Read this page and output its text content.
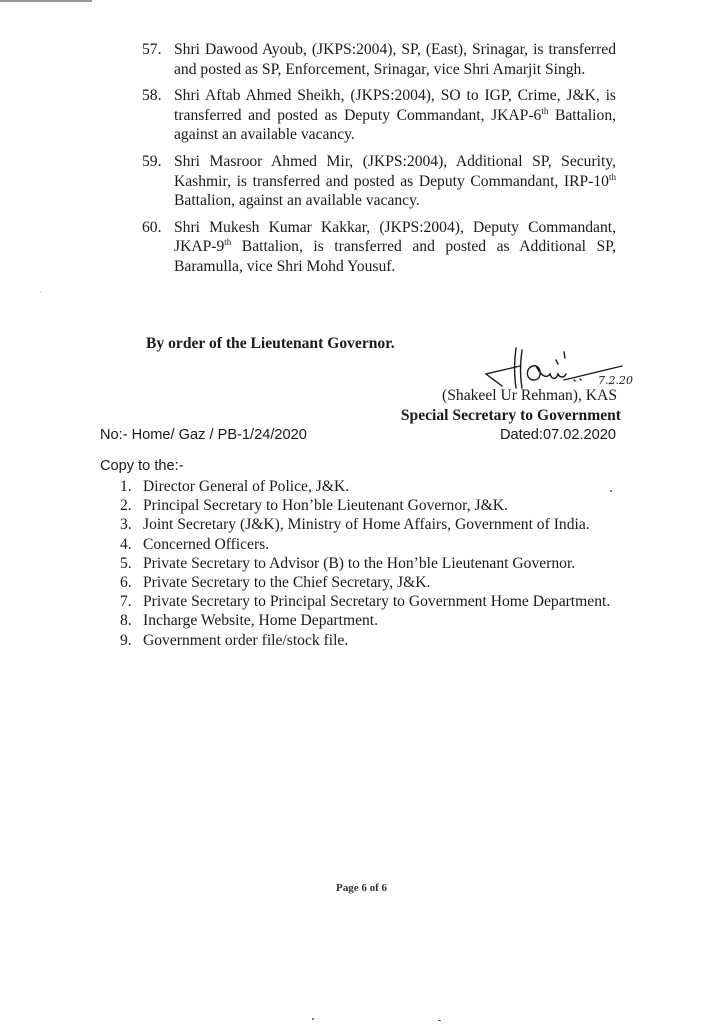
57. Shri Dawood Ayoub, (JKPS:2004), SP, (East), Srinagar, is transferred and posted as SP, Enforcement, Srinagar, vice Shri Amarjit Singh.
58. Shri Aftab Ahmed Sheikh, (JKPS:2004), SO to IGP, Crime, J&K, is transferred and posted as Deputy Commandant, JKAP-6th Battalion, against an available vacancy.
59. Shri Masroor Ahmed Mir, (JKPS:2004), Additional SP, Security, Kashmir, is transferred and posted as Deputy Commandant, IRP-10th Battalion, against an available vacancy.
60. Shri Mukesh Kumar Kakkar, (JKPS:2004), Deputy Commandant, JKAP-9th Battalion, is transferred and posted as Additional SP, Baramulla, vice Shri Mohd Yousuf.
By order of the Lieutenant Governor.
7.2.20
(Shakeel Ur Rehman), KAS
Special Secretary to Government
No:- Home/ Gaz / PB-1/24/2020	Dated:07.02.2020
Copy to the:-
1. Director General of Police, J&K.
2. Principal Secretary to Hon’ble Lieutenant Governor, J&K.
3. Joint Secretary (J&K), Ministry of Home Affairs, Government of India.
4. Concerned Officers.
5. Private Secretary to Advisor (B) to the Hon’ble Lieutenant Governor.
6. Private Secretary to the Chief Secretary, J&K.
7. Private Secretary to Principal Secretary to Government Home Department.
8. Incharge Website, Home Department.
9. Government order file/stock file.
Page 6 of 6
